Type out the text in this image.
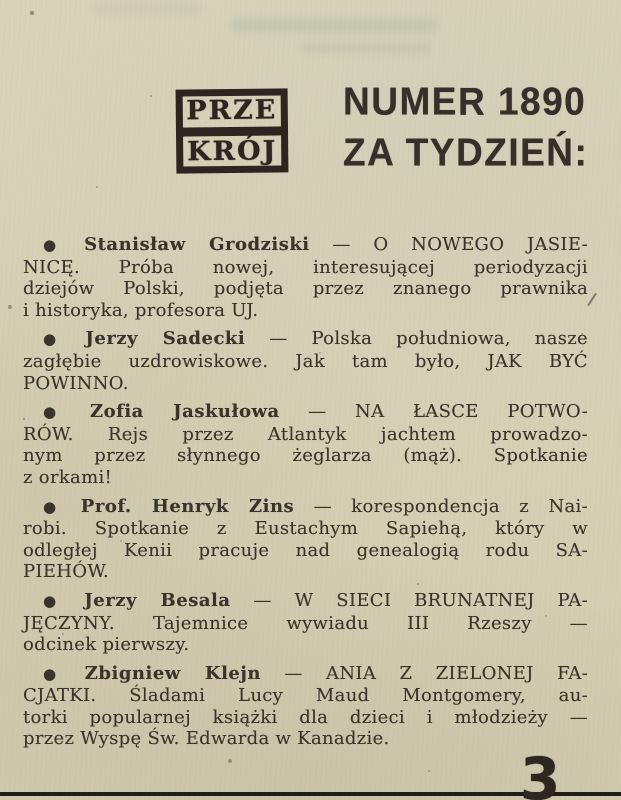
PRZE
KRÓJ
NUMER 1890
ZA TYDZIEŃ:
● Stanisław Grodziski — O NOWEGO JASIE-
NICĘ. Próba nowej, interesującej periodyzacji
dziejów Polski, podjęta przez znanego prawnika
i historyka, profesora UJ.
● Jerzy Sadecki — Polska południowa, nasze
zagłębie uzdrowiskowe. Jak tam było, JAK BYĆ
POWINNO.
● Zofia Jaskułowa — NA ŁASCE POTWO-
RÓW. Rejs przez Atlantyk jachtem prowadzo-
nym przez słynnego żeglarza (mąż). Spotkanie
z orkami!
● Prof. Henryk Zins — korespondencja z Nai-
robi. Spotkanie z Eustachym Sapiehą, który w
odległej Kenii pracuje nad genealogią rodu SA-
PIEHÓW.
● Jerzy Besala — W SIECI BRUNATNEJ PA-
JĘCZYNY. Tajemnice wywiadu III Rzeszy —
odcinek pierwszy.
● Zbigniew Klejn — ANIA Z ZIELONEJ FA-
CJATKI. Śladami Lucy Maud Montgomery, au-
torki popularnej książki dla dzieci i młodzieży —
przez Wyspę Św. Edwarda w Kanadzie.
3
